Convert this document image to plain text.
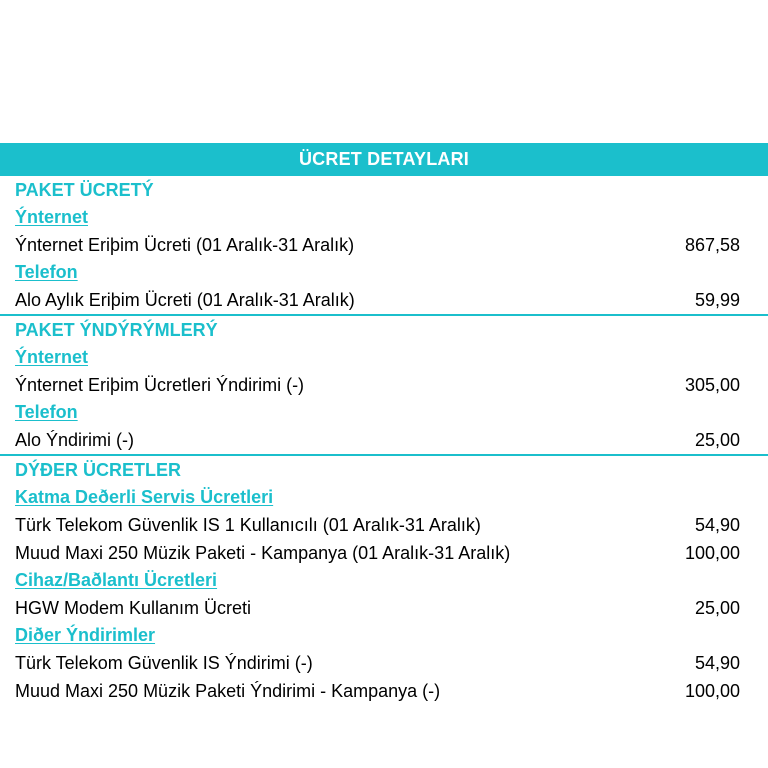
ÜCRET DETAYLARI
PAKET ÜCRETÝ
Ýnternet
Ýnternet Eriþim Ücreti (01 Aralık-31 Aralık)	867,58
Telefon
Alo Aylık Eriþim Ücreti (01 Aralık-31 Aralık)	59,99
PAKET ÝNDÝRÝMLERÝ
Ýnternet
Ýnternet Eriþim Ücretleri Ýndirimi (-)	305,00
Telefon
Alo Ýndirimi (-)	25,00
DÝÐER ÜCRETLER
Katma Deðerli Servis Ücretleri
Türk Telekom Güvenlik IS 1 Kullanıcılı (01 Aralık-31 Aralık)	54,90
Muud Maxi 250 Müzik Paketi - Kampanya (01 Aralık-31 Aralık)	100,00
Cihaz/Baðlantı Ücretleri
HGW Modem Kullanım Ücreti	25,00
Diðer Ýndirimler
Türk Telekom Güvenlik IS Ýndirimi (-)	54,90
Muud Maxi 250 Müzik Paketi Ýndirimi - Kampanya (-)	100,00
